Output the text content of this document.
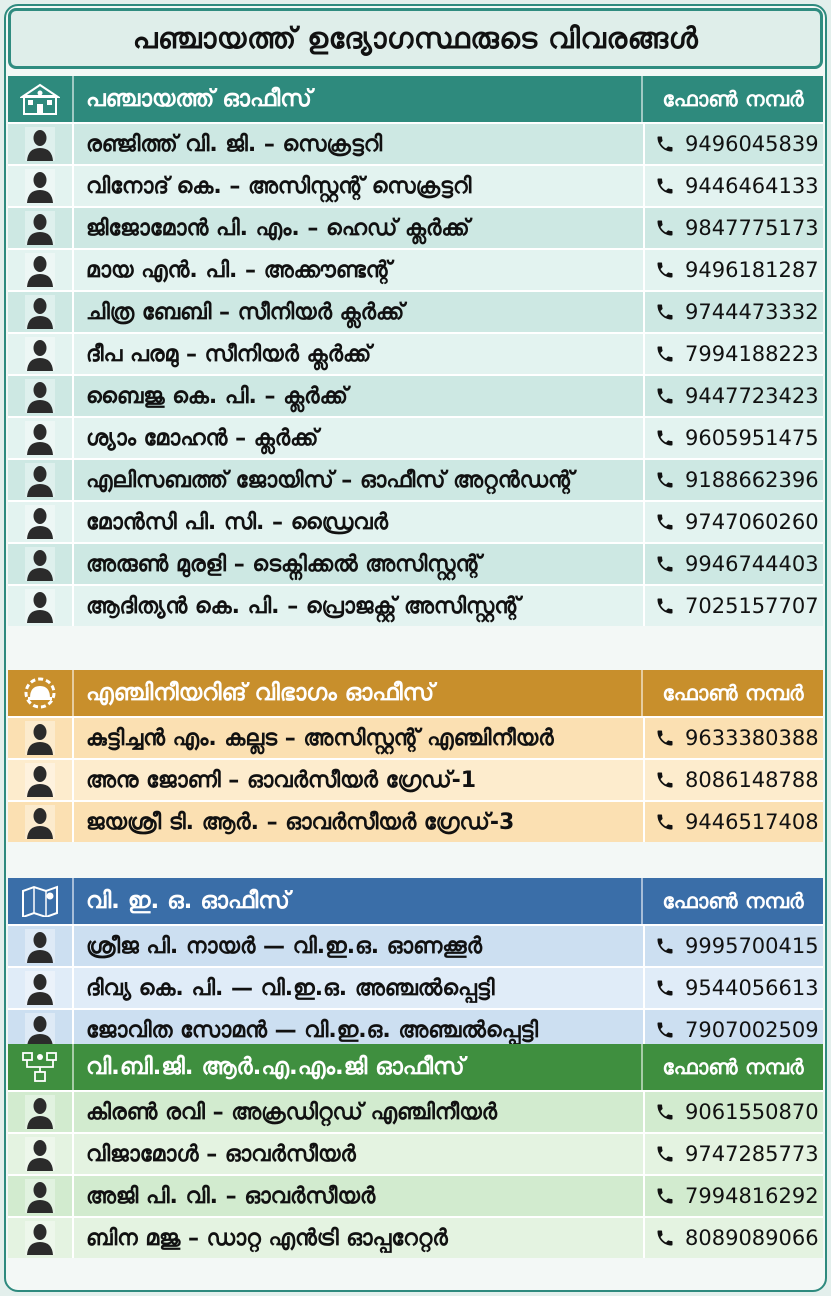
പഞ്ചായത്ത് ഉദ്യോഗസ്ഥരുടെ വിവരങ്ങൾ
പഞ്ചായത്ത് ഓഫീസ്	ഫോൺ നമ്പർ
രഞ്ജിത്ത് വി. ജി. – സെക്രട്ടറി	9496045839
വിനോദ് കെ. – അസിസ്റ്റന്റ് സെക്രട്ടറി	9446464133
ജിജോമോൻ പി. എം. – ഹെഡ് ക്ലർക്ക്	9847775173
മായ എൻ. പി. – അക്കൗണ്ടന്റ്	9496181287
ചിത്ര ബേബി – സീനിയർ ക്ലർക്ക്	9744473332
ദീപ പരമു – സീനിയർ ക്ലർക്ക്	7994188223
ബൈജു കെ. പി. – ക്ലർക്ക്	9447723423
ശ്യാം മോഹൻ – ക്ലർക്ക്	9605951475
എലിസബത്ത് ജോയിസ് – ഓഫീസ് അറ്റൻഡന്റ്	9188662396
മോൻസി പി. സി. – ഡ്രൈവർ	9747060260
അരുൺ മുരളി – ടെക്നിക്കൽ അസിസ്റ്റന്റ്	9946744403
ആദിത്യൻ കെ. പി. – പ്രൊജക്റ്റ് അസിസ്റ്റന്റ്	7025157707
എഞ്ചിനീയറിങ് വിഭാഗം ഓഫീസ്	ഫോൺ നമ്പർ
കുട്ടിച്ചൻ എം. കല്ലട – അസിസ്റ്റന്റ് എഞ്ചിനീയർ	9633380388
അനു ജോണി – ഓവർസീയർ ഗ്രേഡ്-1	8086148788
ജയശ്രീ ടി. ആർ. – ഓവർസീയർ ഗ്രേഡ്-3	9446517408
വി. ഇ. ഒ. ഓഫീസ്	ഫോൺ നമ്പർ
ശ്രീജ പി. നായർ — വി.ഇ.ഒ. ഓണക്കൂർ	9995700415
ദിവ്യ കെ. പി. — വി.ഇ.ഒ. അഞ്ചൽപ്പെട്ടി	9544056613
ജോവിത സോമൻ — വി.ഇ.ഒ. അഞ്ചൽപ്പെട്ടി	7907002509
വി.ബി.ജി. ആർ.എ.എം.ജി ഓഫീസ്	ഫോൺ നമ്പർ
കിരൺ രവി – അക്രഡിറ്റഡ് എഞ്ചിനീയർ	9061550870
വിജാമോൾ – ഓവർസീയർ	9747285773
അജി പി. വി. – ഓവർസീയർ	7994816292
ബിന മജു – ഡാറ്റ എൻട്രി ഓപ്പറേറ്റർ	8089089066
